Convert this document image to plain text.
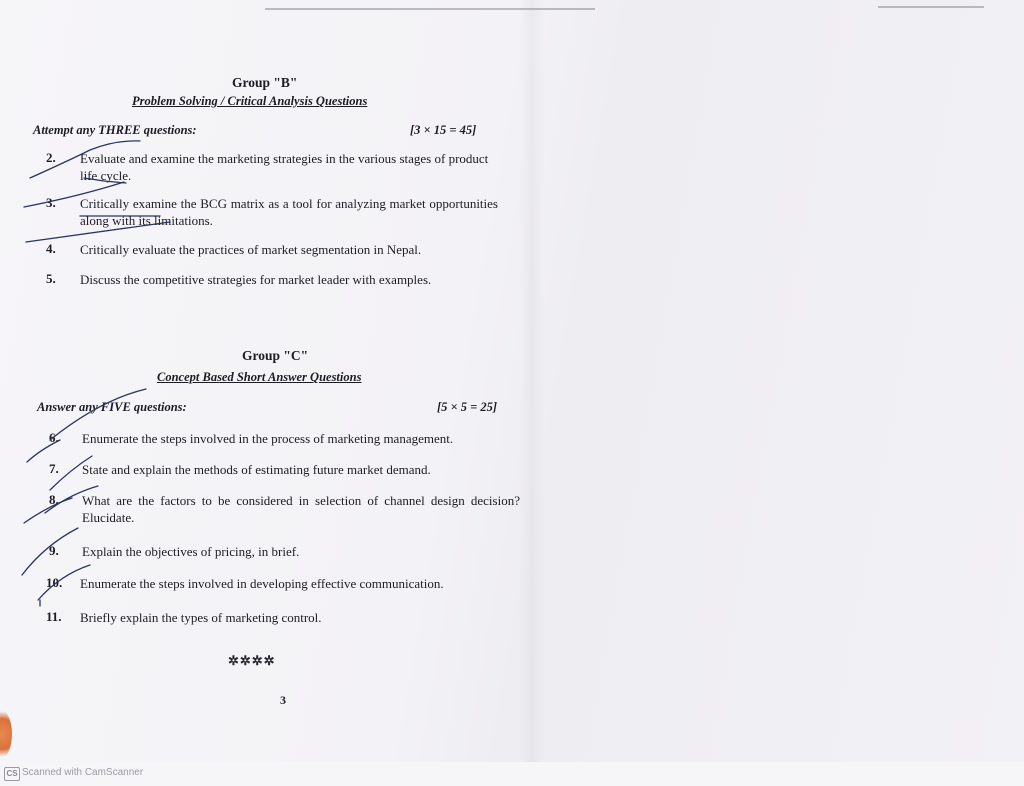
Group "B"
Problem Solving / Critical Analysis Questions
Attempt any THREE questions:	[3 × 15 = 45]
2. Evaluate and examine the marketing strategies in the various stages of product life cycle.
3. Critically examine the BCG matrix as a tool for analyzing market opportunities along with its limitations.
4. Critically evaluate the practices of market segmentation in Nepal.
5. Discuss the competitive strategies for market leader with examples.
Group "C"
Concept Based Short Answer Questions
Answer any FIVE questions:	[5 × 5 = 25]
6. Enumerate the steps involved in the process of marketing management.
7. State and explain the methods of estimating future market demand.
8. What are the factors to be considered in selection of channel design decision? Elucidate.
9. Explain the objectives of pricing, in brief.
10. Enumerate the steps involved in developing effective communication.
11. Briefly explain the types of marketing control.
✲✲✲✲
3
CS Scanned with CamScanner
